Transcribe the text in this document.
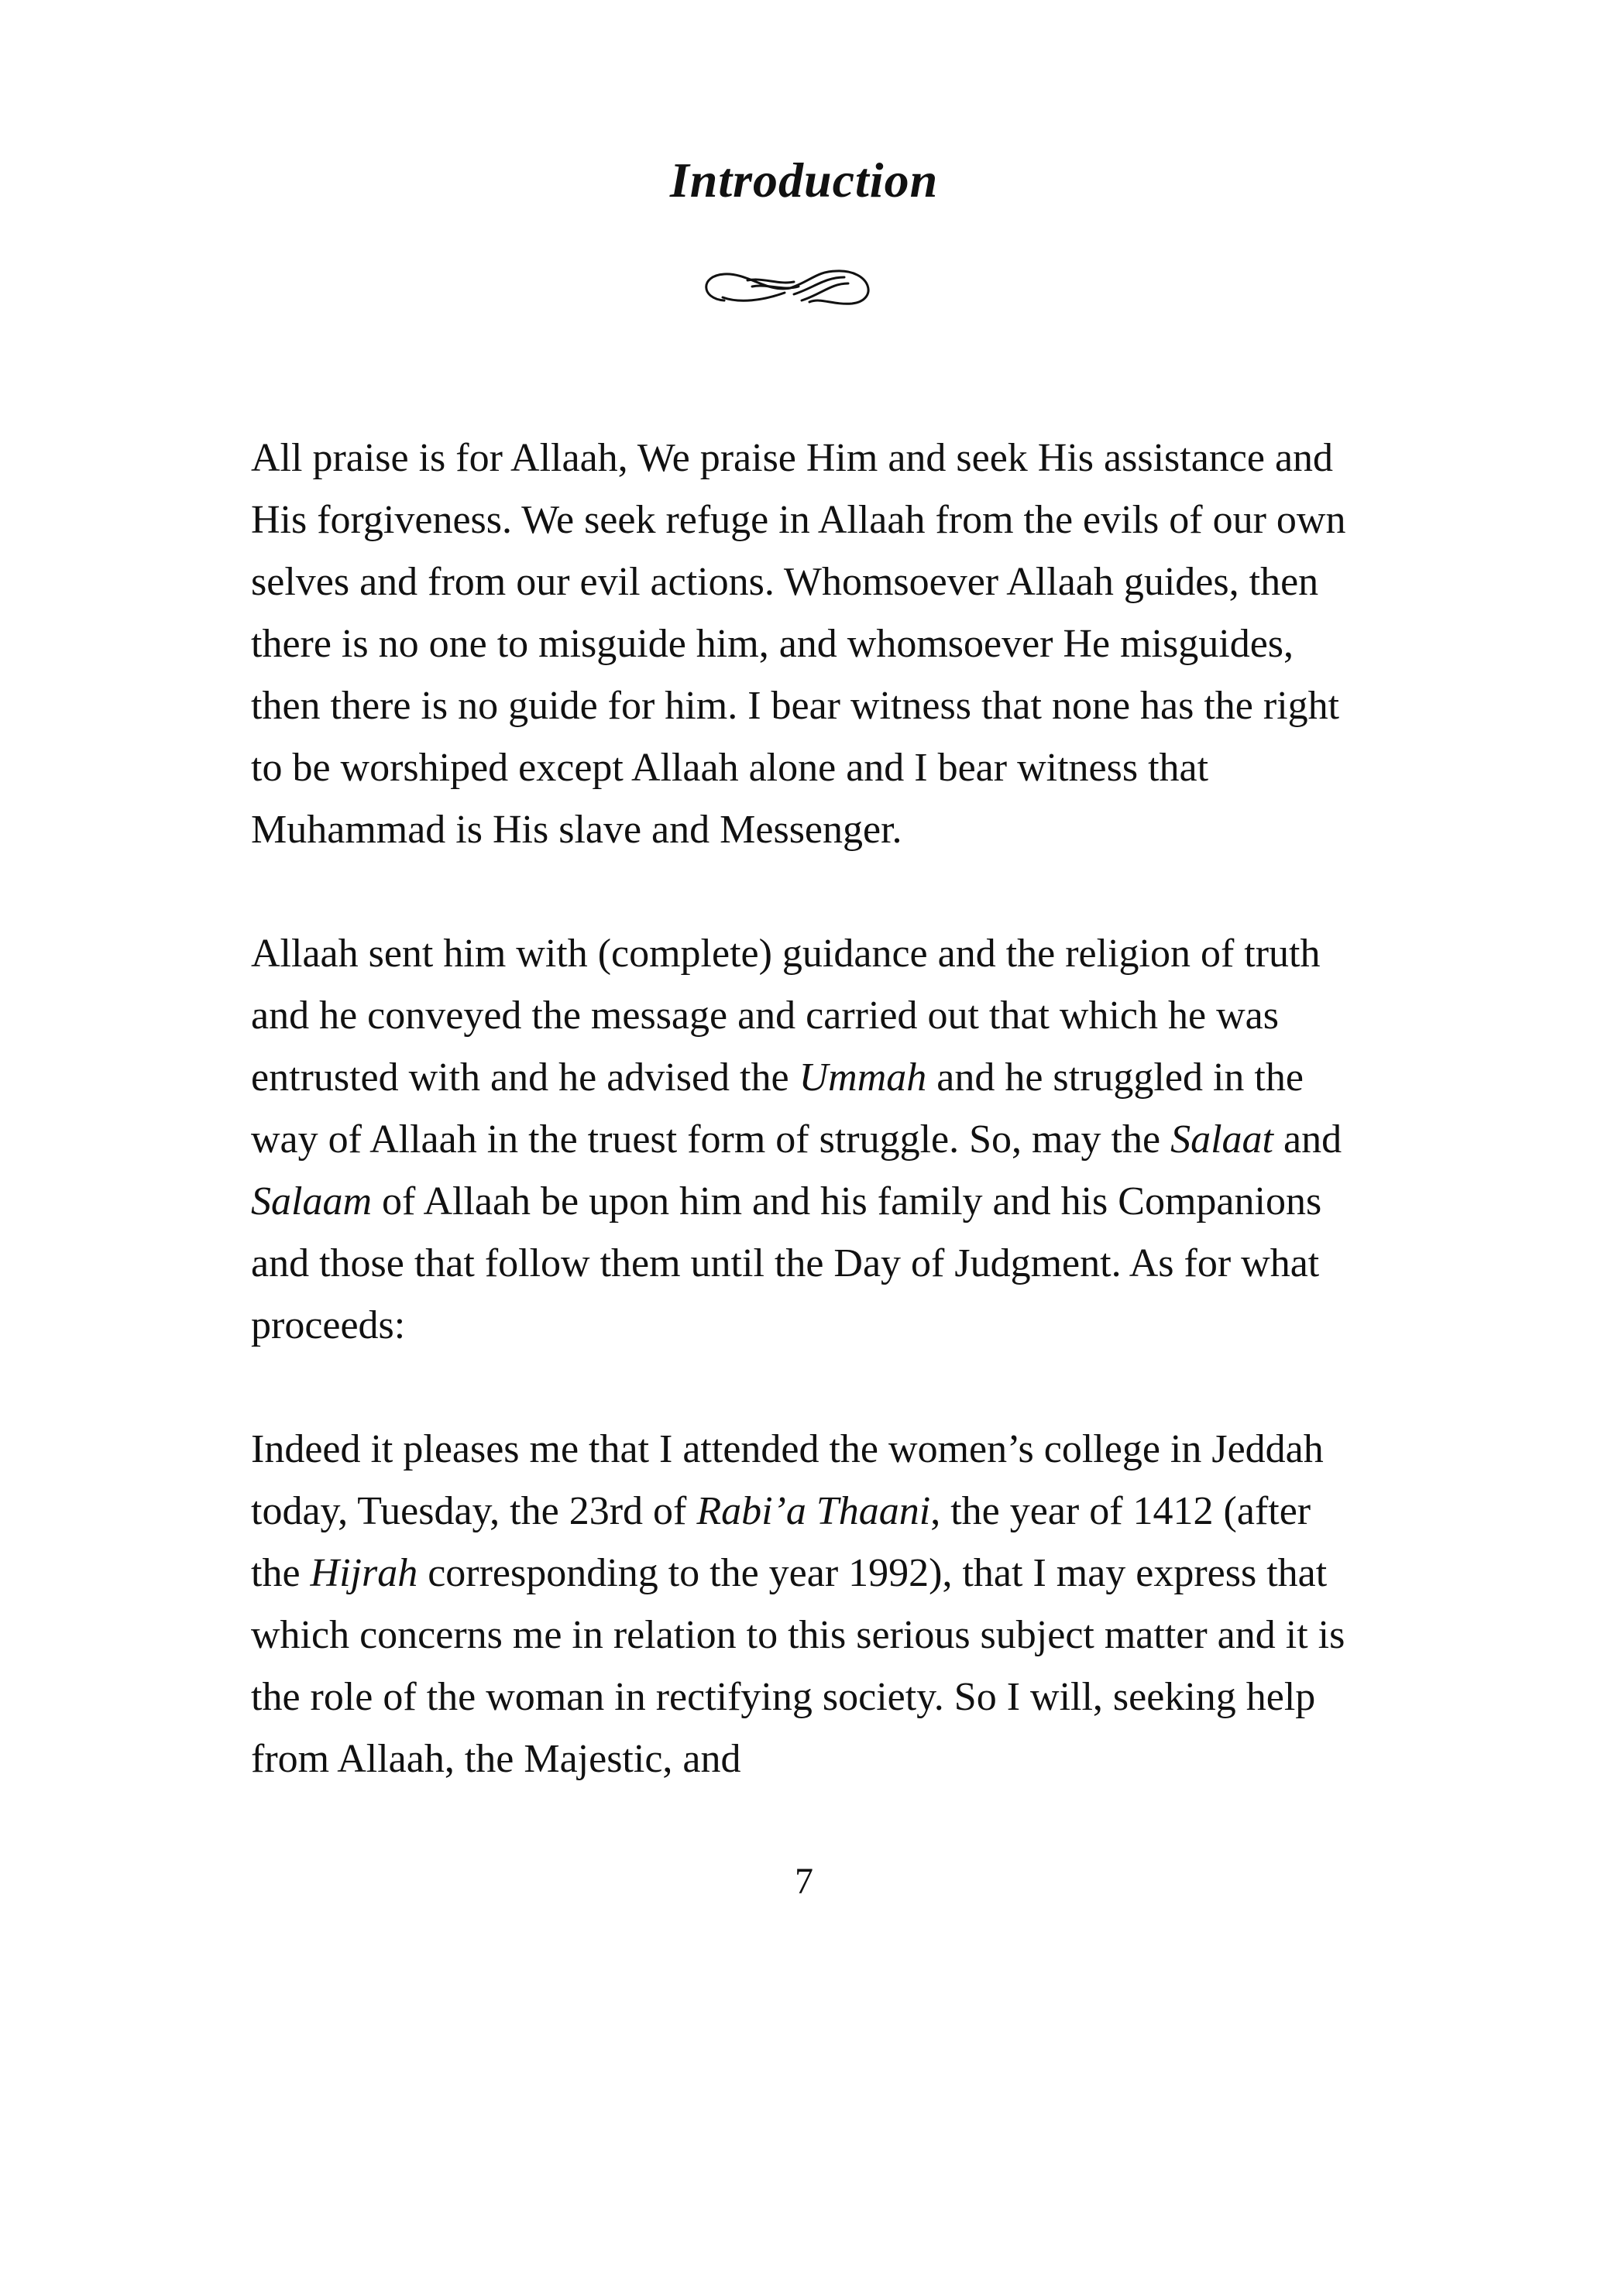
Introduction

All praise is for Allaah, We praise Him and seek His assistance and His forgiveness. We seek refuge in Allaah from the evils of our own selves and from our evil actions. Whomsoever Allaah guides, then there is no one to misguide him, and whomsoever He misguides, then there is no guide for him. I bear witness that none has the right to be worshiped except Allaah alone and I bear witness that Muhammad is His slave and Messenger.

Allaah sent him with (complete) guidance and the religion of truth and he conveyed the message and carried out that which he was entrusted with and he advised the Ummah and he struggled in the way of Allaah in the truest form of struggle. So, may the Salaat and Salaam of Allaah be upon him and his family and his Companions and those that follow them until the Day of Judgment. As for what proceeds:

Indeed it pleases me that I attended the women’s college in Jeddah today, Tuesday, the 23rd of Rabi’a Thaani, the year of 1412 (after the Hijrah corresponding to the year 1992), that I may express that which concerns me in relation to this serious subject matter and it is the role of the woman in rectifying society. So I will, seeking help from Allaah, the Majestic, and

7
